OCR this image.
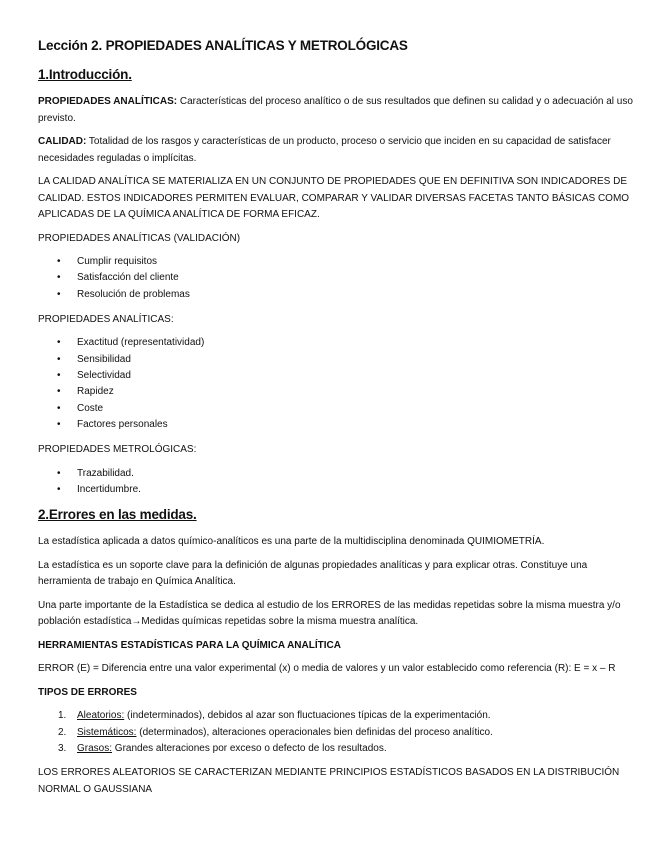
Lección 2. PROPIEDADES ANALÍTICAS Y METROLÓGICAS
1.Introducción.

PROPIEDADES ANALÍTICAS: Características del proceso analítico o de sus resultados que definen su calidad y o adecuación al uso previsto.

CALIDAD: Totalidad de los rasgos y características de un producto, proceso o servicio que inciden en su capacidad de satisfacer necesidades reguladas o implícitas.

LA CALIDAD ANALÍTICA SE MATERIALIZA EN UN CONJUNTO DE PROPIEDADES QUE EN DEFINITIVA SON INDICADORES DE CALIDAD. ESTOS INDICADORES PERMITEN EVALUAR, COMPARAR Y VALIDAR DIVERSAS FACETAS TANTO BÁSICAS COMO APLICADAS DE LA QUÍMICA ANALÍTICA DE FORMA EFICAZ.

PROPIEDADES ANALÍTICAS (VALIDACIÓN)

• Cumplir requisitos
• Satisfacción del cliente
• Resolución de problemas

PROPIEDADES ANALÍTICAS:

• Exactitud (representatividad)
• Sensibilidad
• Selectividad
• Rapidez
• Coste
• Factores personales

PROPIEDADES METROLÓGICAS:

• Trazabilidad.
• Incertidumbre.
2.Errores en las medidas.

La estadística aplicada a datos químico-analíticos es una parte de la multidisciplina denominada QUIMIOMETRÍA.

La estadística es un soporte clave para la definición de algunas propiedades analíticas y para explicar otras. Constituye una herramienta de trabajo en Química Analítica.

Una parte importante de la Estadística se dedica al estudio de los ERRORES de las medidas repetidas sobre la misma muestra y/o población estadística→Medidas químicas repetidas sobre la misma muestra analítica.

HERRAMIENTAS ESTADÍSTICAS PARA LA QUÍMICA ANALÍTICA

ERROR (E) = Diferencia entre una valor experimental (x) o media de valores y un valor establecido como referencia (R): E = x – R

TIPOS DE ERRORES

1. Aleatorios: (indeterminados), debidos al azar son fluctuaciones típicas de la experimentación.
2. Sistemáticos: (determinados), alteraciones operacionales bien definidas del proceso analítico.
3. Grasos: Grandes alteraciones por exceso o defecto de los resultados.

LOS ERRORES ALEATORIOS SE CARACTERIZAN MEDIANTE PRINCIPIOS ESTADÍSTICOS BASADOS EN LA DISTRIBUCIÓN NORMAL O GAUSSIANA
